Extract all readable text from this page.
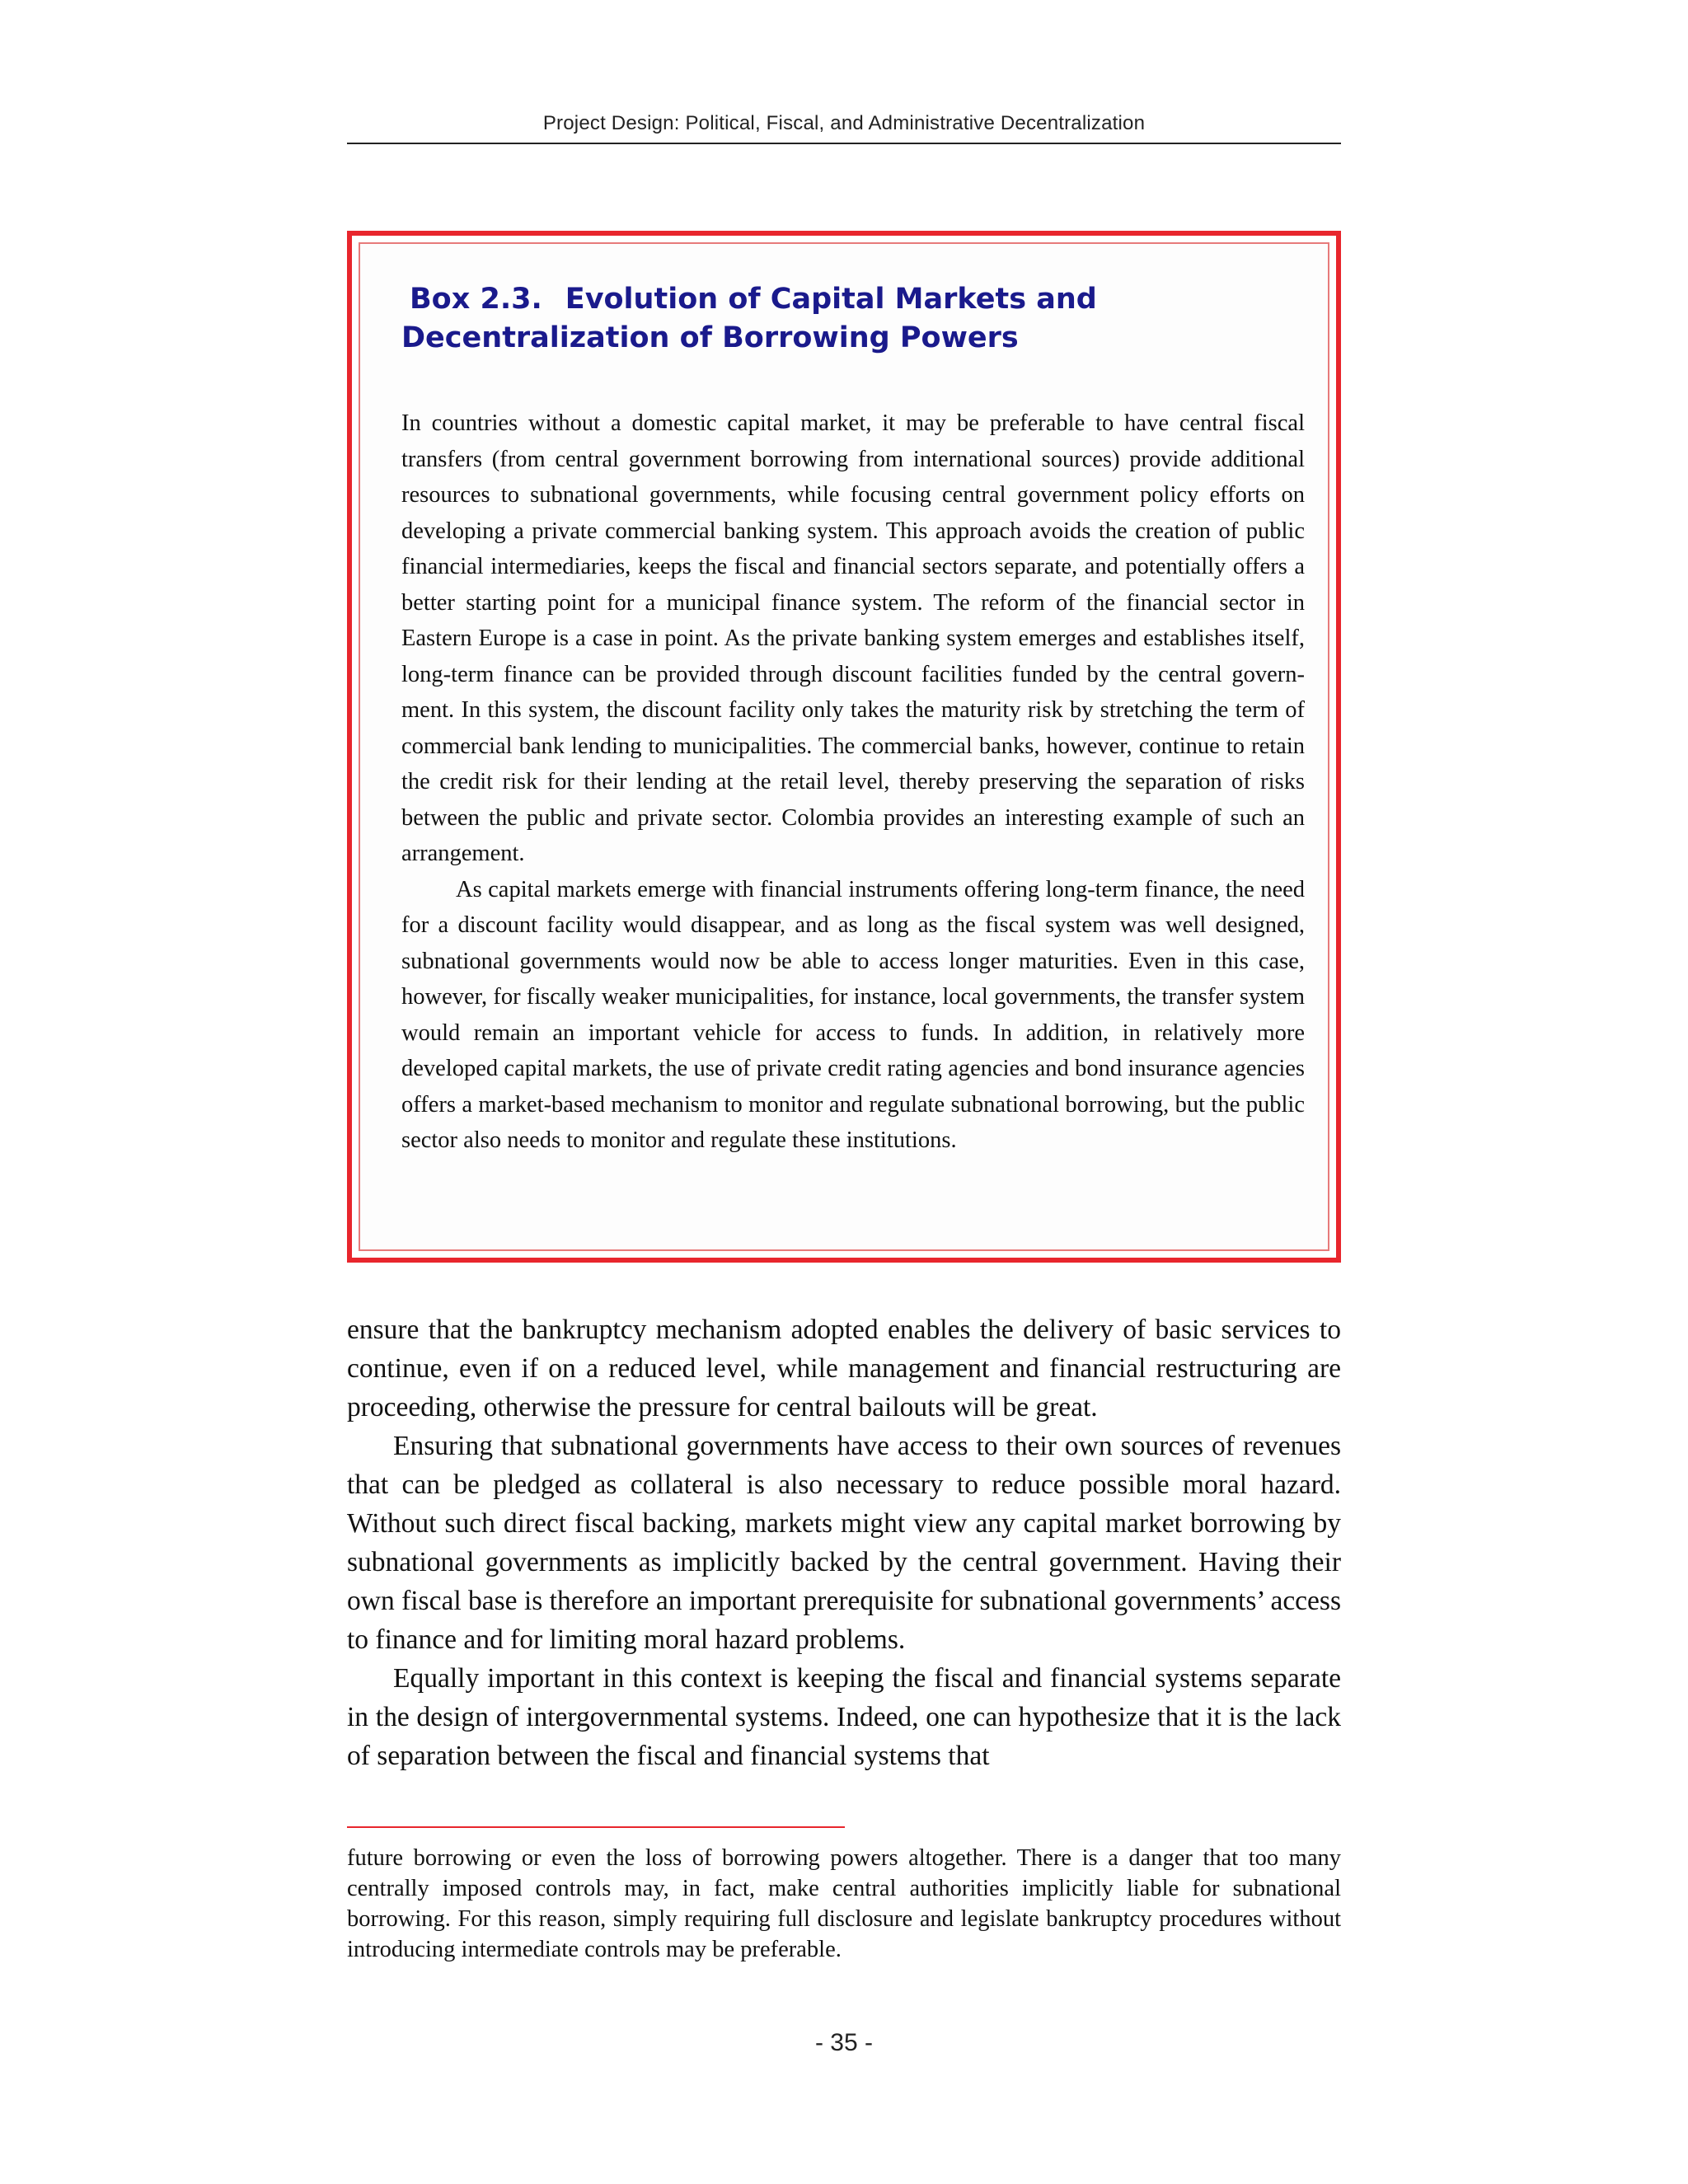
Project Design: Political, Fiscal, and Administrative Decentralization
Box 2.3. Evolution of Capital Markets and Decentralization of Borrowing Powers

In countries without a domestic capital market, it may be preferable to have central fiscal transfers (from central government borrowing from international sources) provide additional resources to subnational governments, while focusing central government policy efforts on developing a private commercial banking system. This approach avoids the creation of public financial intermediaries, keeps the fiscal and financial sectors separate, and potentially offers a better starting point for a municipal finance system. The reform of the financial sector in Eastern Europe is a case in point. As the private banking system emerges and establishes itself, long-term finance can be provided through discount facilities funded by the central government. In this system, the discount facility only takes the maturity risk by stretching the term of commercial bank lending to municipalities. The commercial banks, however, continue to retain the credit risk for their lending at the retail level, thereby preserving the separation of risks between the public and private sector. Colombia provides an interesting example of such an arrangement.

As capital markets emerge with financial instruments offering long-term finance, the need for a discount facility would disappear, and as long as the fiscal system was well designed, subnational governments would now be able to access longer maturities. Even in this case, however, for fiscally weaker municipalities, for instance, local governments, the transfer system would remain an important vehicle for access to funds. In addition, in relatively more developed capital markets, the use of private credit rating agencies and bond insurance agencies offers a market-based mechanism to monitor and regulate subnational borrowing, but the public sector also needs to monitor and regulate these institutions.

ensure that the bankruptcy mechanism adopted enables the delivery of basic services to continue, even if on a reduced level, while management and financial restructuring are proceeding, otherwise the pressure for central bailouts will be great.

Ensuring that subnational governments have access to their own sources of revenues that can be pledged as collateral is also necessary to reduce possible moral hazard. Without such direct fiscal backing, markets might view any capital market borrowing by subnational governments as implicitly backed by the central government. Having their own fiscal base is therefore an important prerequisite for subnational governments’ access to finance and for limiting moral hazard problems.

Equally important in this context is keeping the fiscal and financial systems separate in the design of intergovernmental systems. Indeed, one can hypothesize that it is the lack of separation between the fiscal and financial systems that

future borrowing or even the loss of borrowing powers altogether. There is a danger that too many centrally imposed controls may, in fact, make central authorities implicitly liable for subnational borrowing. For this reason, simply requiring full disclosure and legislate bankruptcy procedures without introducing intermediate controls may be preferable.

- 35 -
